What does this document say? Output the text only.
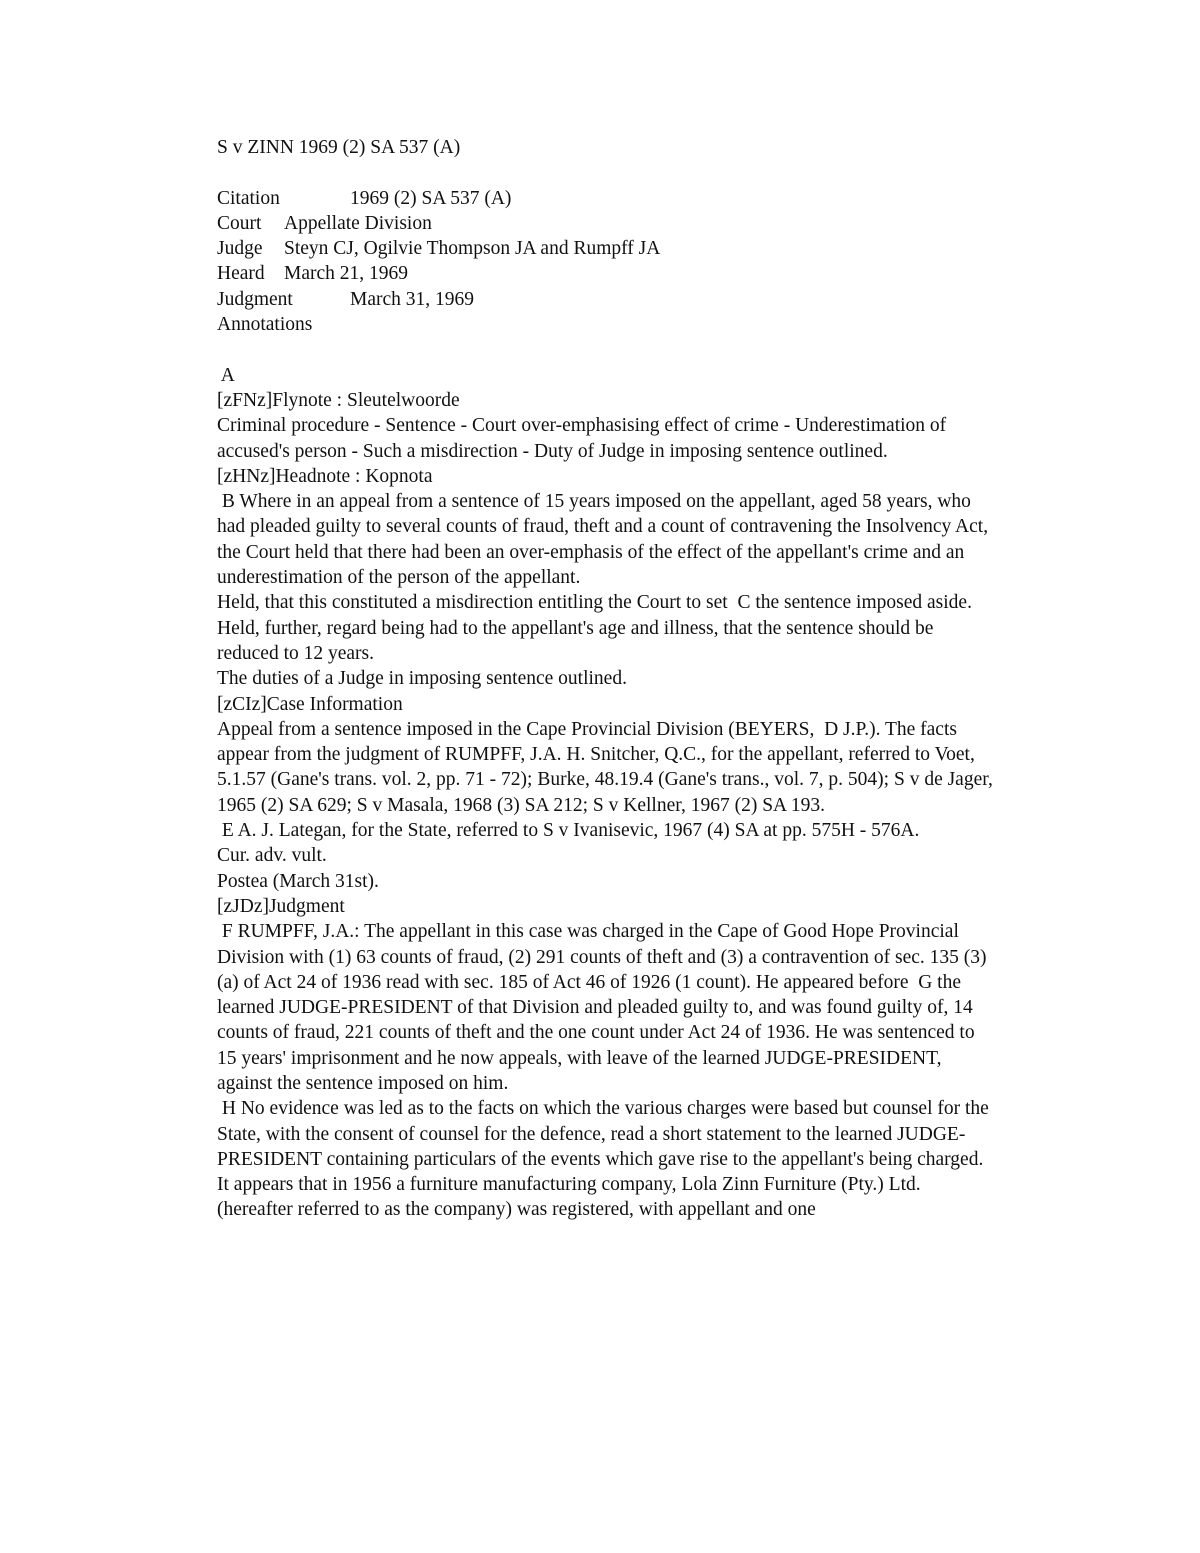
S v ZINN 1969 (2) SA 537 (A)
Citation	1969 (2) SA 537 (A)
Court	Appellate Division
Judge	Steyn CJ, Ogilvie Thompson JA and Rumpff JA
Heard March 21, 1969
Judgment	March 31, 1969
Annotations

A

[zFNz]Flynote : Sleutelwoorde

Criminal procedure - Sentence - Court over-emphasising effect of crime - Underestimation of accused's person - Such a misdirection - Duty of Judge in imposing sentence outlined.

[zHNz]Headnote : Kopnota

B Where in an appeal from a sentence of 15 years imposed on the appellant, aged 58 years, who had pleaded guilty to several counts of fraud, theft and a count of contravening the Insolvency Act, the Court held that there had been an over-emphasis of the effect of the appellant's crime and an underestimation of the person of the appellant.

Held, that this constituted a misdirection entitling the Court to set  C the sentence imposed aside.

Held, further, regard being had to the appellant's age and illness, that the sentence should be reduced to 12 years.

The duties of a Judge in imposing sentence outlined.

[zCIz]Case Information

Appeal from a sentence imposed in the Cape Provincial Division (BEYERS,  D J.P.). The facts appear from the judgment of RUMPFF, J.A. H. Snitcher, Q.C., for the appellant, referred to Voet, 5.1.57 (Gane's trans. vol. 2, pp. 71 - 72); Burke, 48.19.4 (Gane's trans., vol. 7, p. 504); S v de Jager, 1965 (2) SA 629; S v Masala, 1968 (3) SA 212; S v Kellner, 1967 (2) SA 193.

E A. J. Lategan, for the State, referred to S v Ivanisevic, 1967 (4) SA at pp. 575H - 576A.

Cur. adv. vult.

Postea (March 31st).

[zJDz]Judgment

F RUMPFF, J.A.: The appellant in this case was charged in the Cape of Good Hope Provincial Division with (1) 63 counts of fraud, (2) 291 counts of theft and (3) a contravention of sec. 135 (3) (a) of Act 24 of 1936 read with sec. 185 of Act 46 of 1926 (1 count). He appeared before  G the learned JUDGE-PRESIDENT of that Division and pleaded guilty to, and was found guilty of, 14 counts of fraud, 221 counts of theft and the one count under Act 24 of 1936. He was sentenced to 15 years' imprisonment and he now appeals, with leave of the learned JUDGE-PRESIDENT, against the sentence imposed on him.

H No evidence was led as to the facts on which the various charges were based but counsel for the State, with the consent of counsel for the defence, read a short statement to the learned JUDGE-PRESIDENT containing particulars of the events which gave rise to the appellant's being charged.

It appears that in 1956 a furniture manufacturing company, Lola Zinn Furniture (Pty.) Ltd. (hereafter referred to as the company) was registered, with appellant and one
